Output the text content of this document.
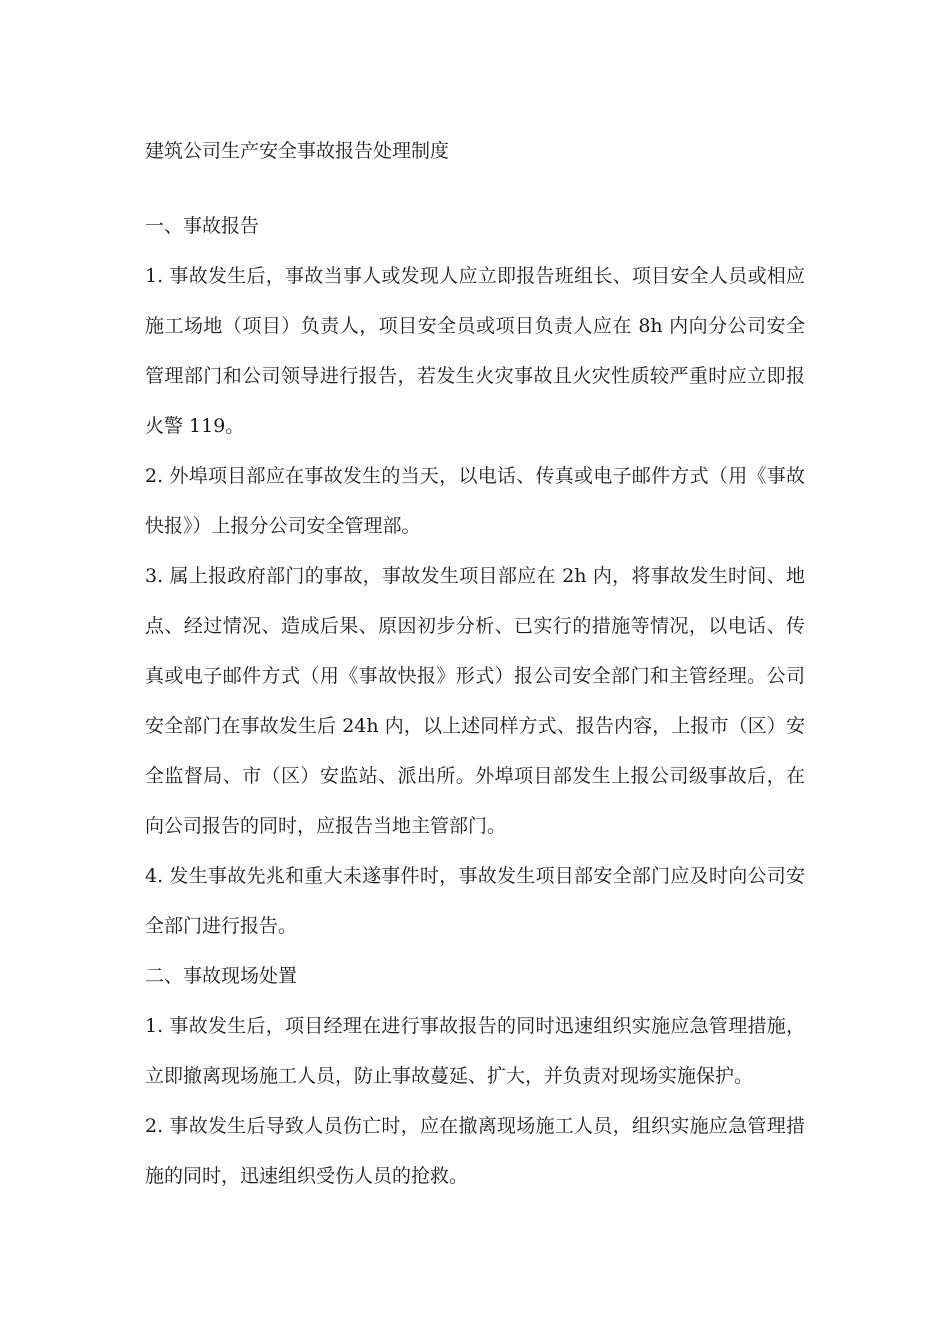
建筑公司生产安全事故报告处理制度
一、事故报告

1. 事故发生后，事故当事人或发现人应立即报告班组长、项目安全人员或相应施工场地（项目）负责人，项目安全员或项目负责人应在 8h 内向分公司安全管理部门和公司领导进行报告，若发生火灾事故且火灾性质较严重时应立即报火警 119。

2. 外埠项目部应在事故发生的当天，以电话、传真或电子邮件方式（用《事故快报》）上报分公司安全管理部。

3. 属上报政府部门的事故，事故发生项目部应在 2h 内，将事故发生时间、地点、经过情况、造成后果、原因初步分析、已实行的措施等情况，以电话、传真或电子邮件方式（用《事故快报》形式）报公司安全部门和主管经理。公司安全部门在事故发生后 24h 内，以上述同样方式、报告内容，上报市（区）安全监督局、市（区）安监站、派出所。外埠项目部发生上报公司级事故后，在向公司报告的同时，应报告当地主管部门。

4. 发生事故先兆和重大未遂事件时，事故发生项目部安全部门应及时向公司安全部门进行报告。

二、事故现场处置

1. 事故发生后，项目经理在进行事故报告的同时迅速组织实施应急管理措施，立即撤离现场施工人员，防止事故蔓延、扩大，并负责对现场实施保护。

2. 事故发生后导致人员伤亡时，应在撤离现场施工人员，组织实施应急管理措施的同时，迅速组织受伤人员的抢救。
